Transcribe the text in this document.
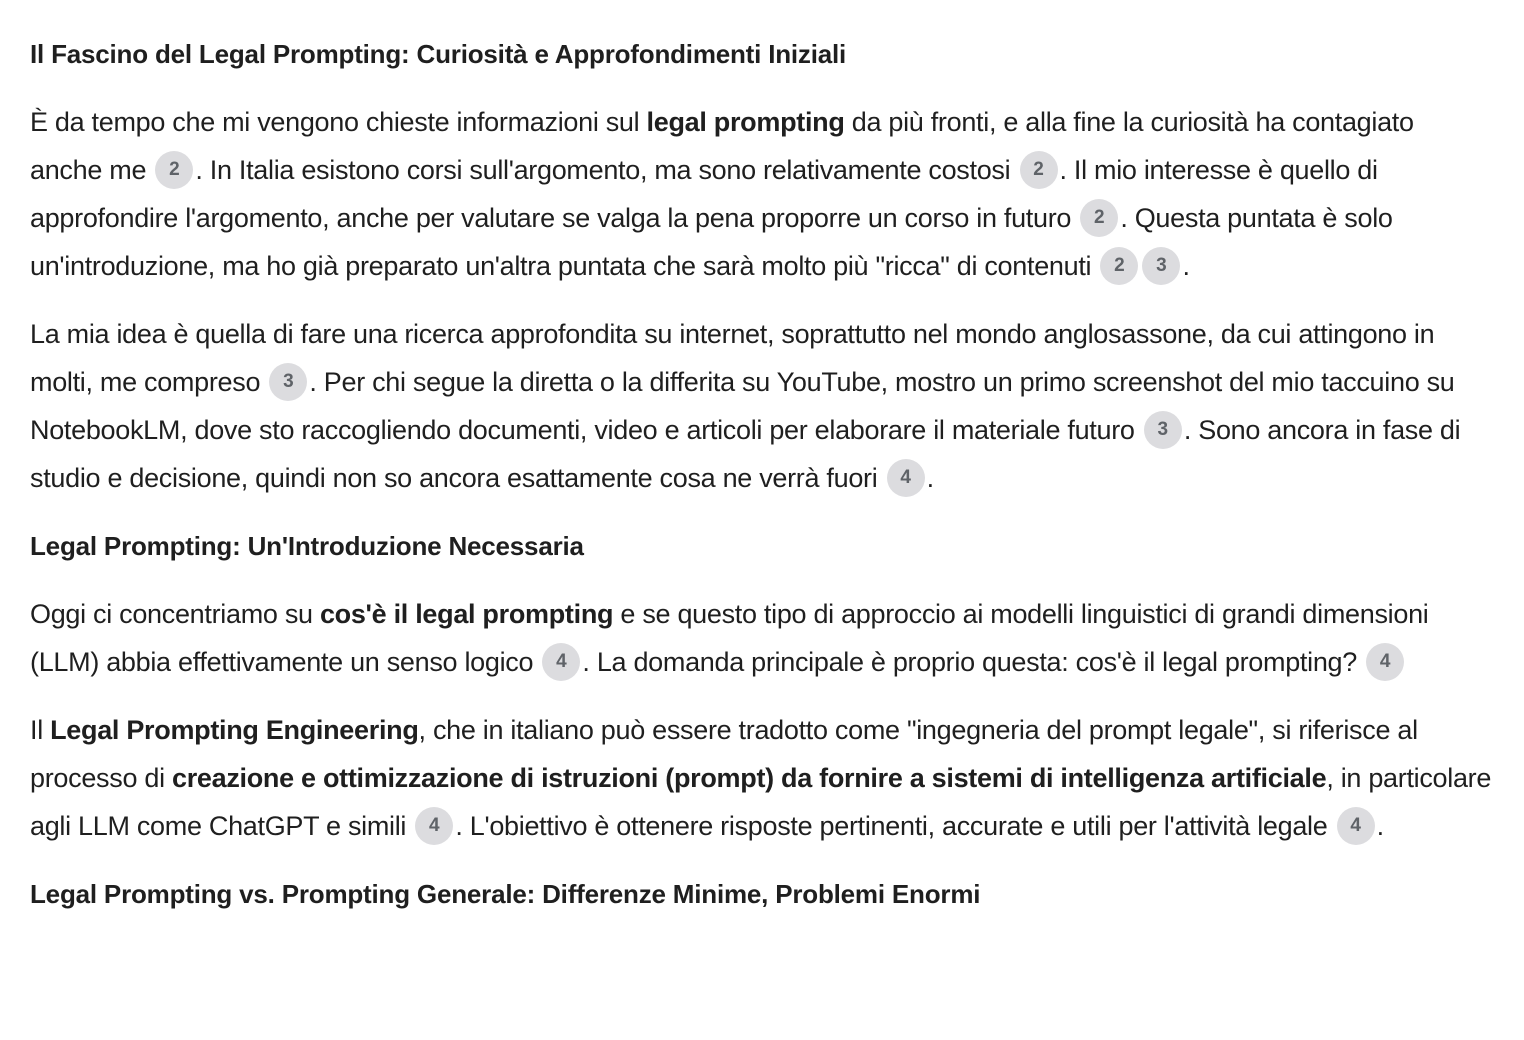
Il Fascino del Legal Prompting: Curiosità e Approfondimenti Iniziali

È da tempo che mi vengono chieste informazioni sul legal prompting da più fronti, e alla fine la curiosità ha contagiato anche me 2 . In Italia esistono corsi sull'argomento, ma sono relativamente costosi 2 . Il mio interesse è quello di approfondire l'argomento, anche per valutare se valga la pena proporre un corso in futuro 2 . Questa puntata è solo un'introduzione, ma ho già preparato un'altra puntata che sarà molto più "ricca" di contenuti 2 3 .

La mia idea è quella di fare una ricerca approfondita su internet, soprattutto nel mondo anglosassone, da cui attingono in molti, me compreso 3 . Per chi segue la diretta o la differita su YouTube, mostro un primo screenshot del mio taccuino su NotebookLM, dove sto raccogliendo documenti, video e articoli per elaborare il materiale futuro 3 . Sono ancora in fase di studio e decisione, quindi non so ancora esattamente cosa ne verrà fuori 4 .

Legal Prompting: Un'Introduzione Necessaria

Oggi ci concentriamo su cos'è il legal prompting e se questo tipo di approccio ai modelli linguistici di grandi dimensioni (LLM) abbia effettivamente un senso logico 4 . La domanda principale è proprio questa: cos'è il legal prompting? 4

Il Legal Prompting Engineering, che in italiano può essere tradotto come "ingegneria del prompt legale", si riferisce al processo di creazione e ottimizzazione di istruzioni (prompt) da fornire a sistemi di intelligenza artificiale, in particolare agli LLM come ChatGPT e simili 4 . L'obiettivo è ottenere risposte pertinenti, accurate e utili per l'attività legale 4 .

Legal Prompting vs. Prompting Generale: Differenze Minime, Problemi Enormi
